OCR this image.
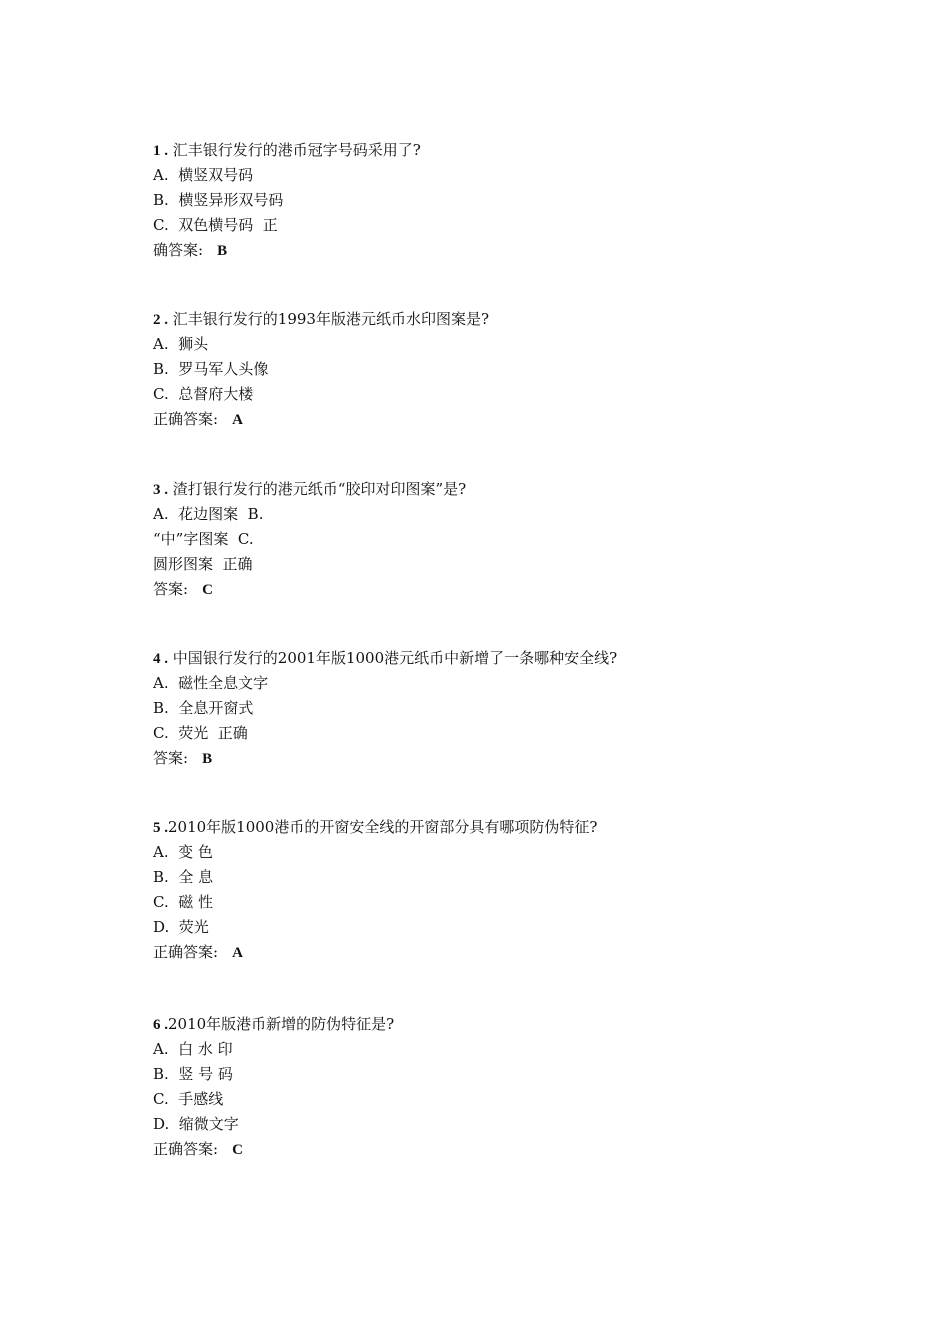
1 . 汇丰银行发行的港币冠字号码采用了?
A.  横竖双号码
B.  横竖异形双号码
C.  双色横号码  正
确答案: B
2 . 汇丰银行发行的1993年版港元纸币水印图案是?
A.  狮头
B.  罗马军人头像
C.  总督府大楼
正确答案: A
3 . 渣打银行发行的港元纸币“胶印对印图案”是?
A.  花边图案  B.
“中”字图案  C.
圆形图案  正确
答案: C
4 . 中国银行发行的2001年版1000港元纸币中新增了一条哪种安全线?
A.  磁性全息文字
B.  全息开窗式
C.  荧光  正确
答案: B
5 .2010年版1000港币的开窗安全线的开窗部分具有哪项防伪特征?
A.  变 色
B.  全 息
C.  磁 性
D.  荧光
正确答案: A
6 .2010年版港币新增的防伪特征是?
A.  白 水 印
B.  竖 号 码
C.  手感线
D.  缩微文字
正确答案: C
